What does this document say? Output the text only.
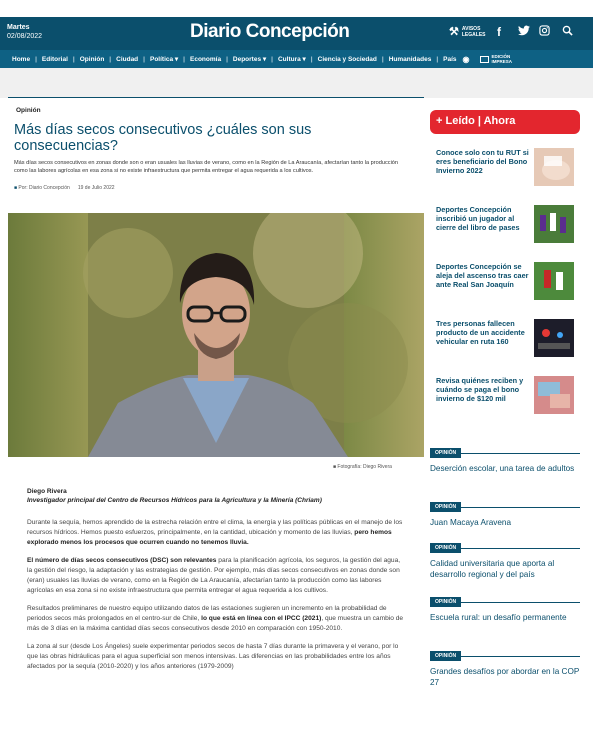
Martes
02/08/2022	Diario Concepción	⚒ AVISOS
LEGALES f
Home | Editorial | Opinión | Ciudad | Política ▾ | Economía | Deportes ▾ | Cultura ▾ | Ciencia y Sociedad | Humanidades | País ◉	EDICIÓN
IMPRESA
Opinión
Más días secos consecutivos ¿cuáles son sus consecuencias?
Más días secos consecutivos en zonas donde son o eran usuales las lluvias de verano, como en la Región de La Araucanía, afectarían tanto la producción como las labores agrícolas en esa zona si no existe infraestructura que permita entregar el agua requerida a los cultivos.
■ Por: Diario Concepción 19 de Julio 2022
■ Fotografía: Diego Rivera
Diego Rivera
Investigador principal del Centro de Recursos Hídricos para la Agricultura y la Minería (Chriam)

Durante la sequía, hemos aprendido de la estrecha relación entre el clima, la energía y las políticas públicas en el manejo de los recursos hídricos. Hemos puesto esfuerzos, principalmente, en la cantidad, ubicación y momento de las lluvias, pero hemos explorado menos los procesos que ocurren cuando no tenemos lluvia.

El número de días secos consecutivos (DSC) son relevantes para la planificación agrícola, los seguros, la gestión del agua, la gestión del riesgo, la adaptación y las estrategias de gestión. Por ejemplo, más días secos consecutivos en zonas donde son (eran) usuales las lluvias de verano, como en la Región de La Araucanía, afectarían tanto la producción como las labores agrícolas en esa zona si no existe infraestructura que permita entregar el agua requerida a los cultivos.

Resultados preliminares de nuestro equipo utilizando datos de las estaciones sugieren un incremento en la probabilidad de periodos secos más prolongados en el centro-sur de Chile, lo que está en línea con el IPCC (2021), que muestra un cambio de más de 3 días en la máxima cantidad días secos consecutivos desde 2010 en comparación con 1950-2010.

La zona al sur (desde Los Ángeles) suele experimentar periodos secos de hasta 7 días durante la primavera y el verano, por lo que las obras hidráulicas para el agua superficial son menos intensivas. Las diferencias en las probabilidades entre los años afectados por la sequía (2010-2020) y los años anteriores (1979-2009)

+ Leído | Ahora
Conoce solo con tu RUT si eres beneficiario del Bono Invierno 2022
Deportes Concepción inscribió un jugador al cierre del libro de pases
Deportes Concepción se aleja del ascenso tras caer ante Real San Joaquín
Tres personas fallecen producto de un accidente vehicular en ruta 160
Revisa quiénes reciben y cuándo se paga el bono invierno de $120 mil
OPINIÓN
Deserción escolar, una tarea de adultos
OPINIÓN
Juan Macaya Aravena
OPINIÓN
Calidad universitaria que aporta al desarrollo regional y del país
OPINIÓN
Escuela rural: un desafío permanente
OPINIÓN
Grandes desafíos por abordar en la COP 27
